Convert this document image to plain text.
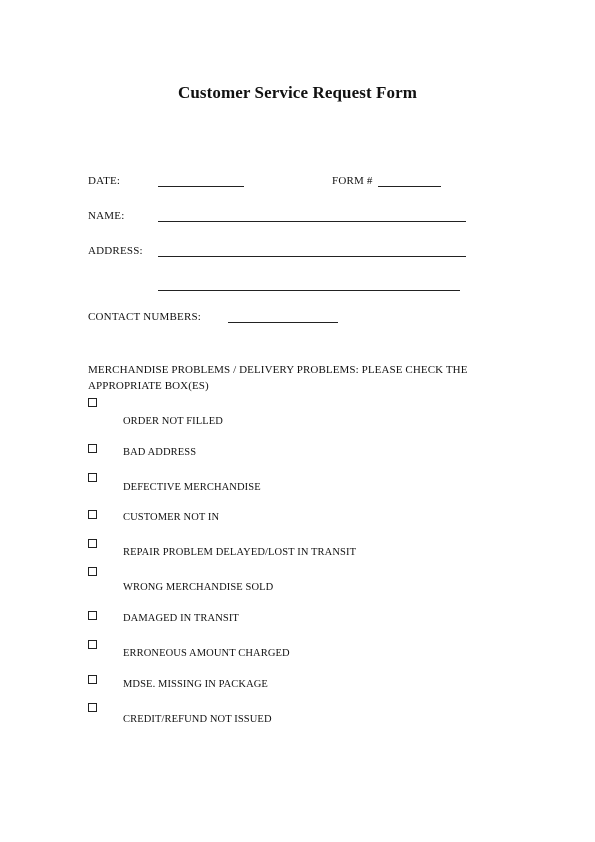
Customer Service Request Form
DATE:	FORM #
NAME:
ADDRESS:
CONTACT NUMBERS:
MERCHANDISE PROBLEMS / DELIVERY PROBLEMS: PLEASE CHECK THE APPROPRIATE BOX(ES)
ORDER NOT FILLED
BAD ADDRESS
DEFECTIVE MERCHANDISE
CUSTOMER NOT IN
REPAIR PROBLEM DELAYED/LOST IN TRANSIT
WRONG MERCHANDISE SOLD
DAMAGED IN TRANSIT
ERRONEOUS AMOUNT CHARGED
MDSE. MISSING IN PACKAGE
CREDIT/REFUND NOT ISSUED
